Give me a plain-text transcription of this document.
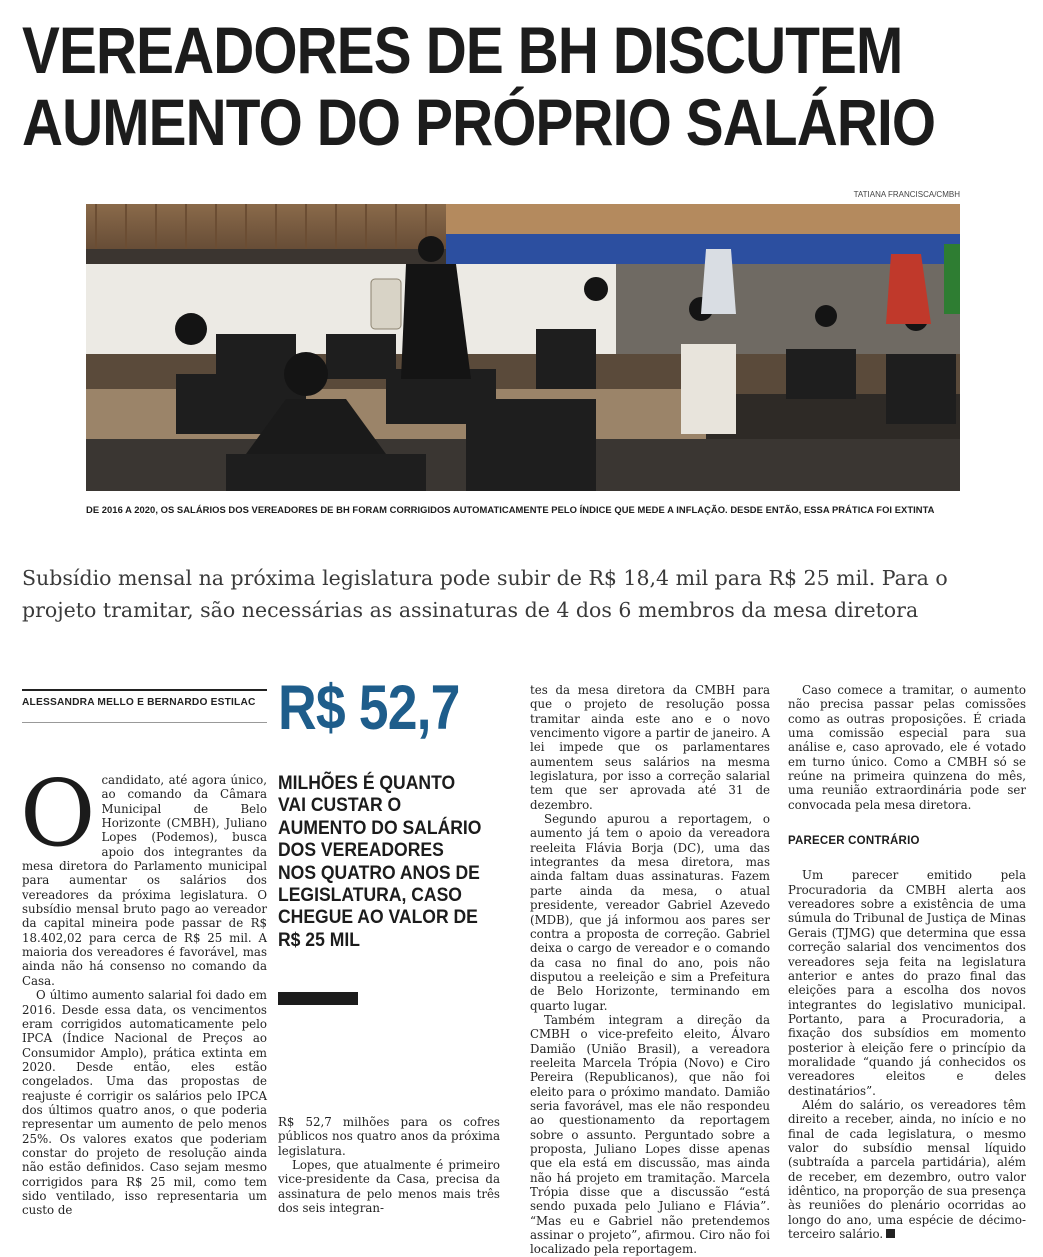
VEREADORES DE BH DISCUTEM
AUMENTO DO PRÓPRIO SALÁRIO
TATIANA FRANCISCA/CMBH
DE 2016 A 2020, OS SALÁRIOS DOS VEREADORES DE BH FORAM CORRIGIDOS AUTOMATICAMENTE PELO ÍNDICE QUE MEDE A INFLAÇÃO. DESDE ENTÃO, ESSA PRÁTICA FOI EXTINTA
Subsídio mensal na próxima legislatura pode subir de R$ 18,4 mil para R$ 25 mil. Para o projeto tramitar, são necessárias as assinaturas de 4 dos 6 membros da mesa diretora
ALESSANDRA MELLO E BERNARDO ESTILAC

Ocandidato, até agora único, ao comando da Câmara Municipal de Belo Horizonte (CMBH), Juliano Lopes (Podemos), busca apoio dos integrantes da mesa diretora do Parlamento municipal para aumentar os salários dos vereadores da próxima legislatura. O subsídio mensal bruto pago ao vereador da capital mineira pode passar de R$ 18.402,02 para cerca de R$ 25 mil. A maioria dos vereadores é favorável, mas ainda não há consenso no comando da Casa.

O último aumento salarial foi dado em 2016. Desde essa data, os vencimentos eram corrigidos automaticamente pelo IPCA (Índice Nacional de Preços ao Consumidor Amplo), prática extinta em 2020. Desde então, eles estão congelados. Uma das propostas de reajuste é corrigir os salários pelo IPCA dos últimos quatro anos, o que poderia representar um aumento de pelo menos 25%. Os valores exatos que poderiam constar do projeto de resolução ainda não estão definidos. Caso sejam mesmo corrigidos para R$ 25 mil, como tem sido ventilado, isso representaria um custo de

R$ 52,7
MILHÕES É QUANTO VAI CUSTAR O AUMENTO DO SALÁRIO DOS VEREADORES NOS QUATRO ANOS DE LEGISLATURA, CASO CHEGUE AO VALOR DE R$ 25 MIL

R$ 52,7 milhões para os cofres públicos nos quatro anos da próxima legislatura.

Lopes, que atualmente é primeiro vice-presidente da Casa, precisa da assinatura de pelo menos mais três dos seis integran-

tes da mesa diretora da CMBH para que o projeto de resolução possa tramitar ainda este ano e o novo vencimento vigore a partir de janeiro. A lei impede que os parlamentares aumentem seus salários na mesma legislatura, por isso a correção salarial tem que ser aprovada até 31 de dezembro.

Segundo apurou a reportagem, o aumento já tem o apoio da vereadora reeleita Flávia Borja (DC), uma das integrantes da mesa diretora, mas ainda faltam duas assinaturas. Fazem parte ainda da mesa, o atual presidente, vereador Gabriel Azevedo (MDB), que já informou aos pares ser contra a proposta de correção. Gabriel deixa o cargo de vereador e o comando da casa no final do ano, pois não disputou a reeleição e sim a Prefeitura de Belo Horizonte, terminando em quarto lugar.

Também integram a direção da CMBH o vice-prefeito eleito, Álvaro Damião (União Brasil), a vereadora reeleita Marcela Trópia (Novo) e Ciro Pereira (Republicanos), que não foi eleito para o próximo mandato. Damião seria favorável, mas ele não respondeu ao questionamento da reportagem sobre o assunto. Perguntado sobre a proposta, Juliano Lopes disse apenas que ela está em discussão, mas ainda não há projeto em tramitação. Marcela Trópia disse que a discussão “está sendo puxada pelo Juliano e Flávia”. “Mas eu e Gabriel não pretendemos assinar o projeto”, afirmou. Ciro não foi localizado pela reportagem.

Caso comece a tramitar, o aumento não precisa passar pelas comissões como as outras proposições. É criada uma comissão especial para sua análise e, caso aprovado, ele é votado em turno único. Como a CMBH só se reúne na primeira quinzena do mês, uma reunião extraordinária pode ser convocada pela mesa diretora.

PARECER CONTRÁRIO

Um parecer emitido pela Procuradoria da CMBH alerta aos vereadores sobre a existência de uma súmula do Tribunal de Justiça de Minas Gerais (TJMG) que determina que essa correção salarial dos vencimentos dos vereadores seja feita na legislatura anterior e antes do prazo final das eleições para a escolha dos novos integrantes do legislativo municipal. Portanto, para a Procuradoria, a fixação dos subsídios em momento posterior à eleição fere o princípio da moralidade “quando já conhecidos os vereadores eleitos e deles destinatários”.

Além do salário, os vereadores têm direito a receber, ainda, no início e no final de cada legislatura, o mesmo valor do subsídio mensal líquido (subtraída a parcela partidária), além de receber, em dezembro, outro valor idêntico, na proporção de sua presença às reuniões do plenário ocorridas ao longo do ano, uma espécie de décimo-terceiro salário.
